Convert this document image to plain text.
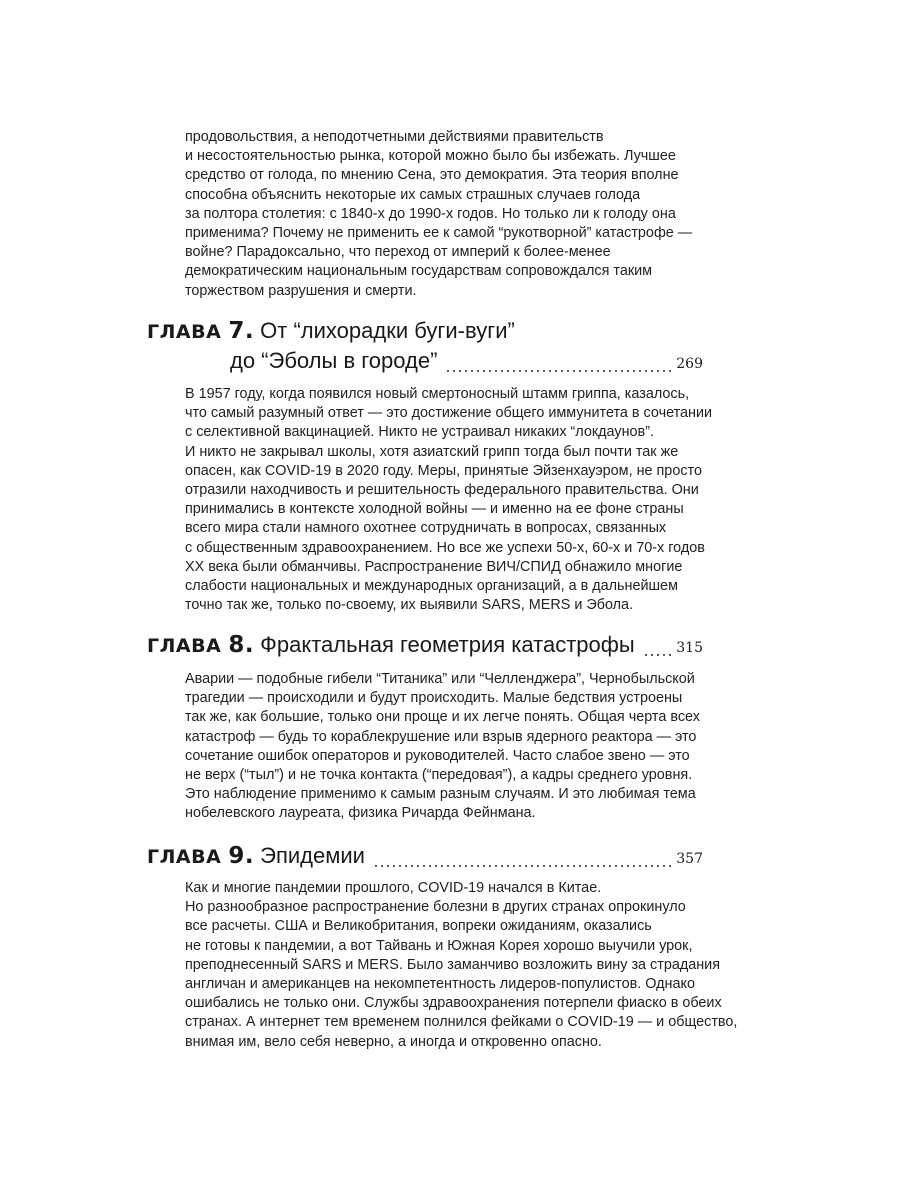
продовольствия, а неподотчетными действиями правительств
и несостоятельностью рынка, которой можно было бы избежать. Лучшее
средство от голода, по мнению Сена, это демократия. Эта теория вполне
способна объяснить некоторые их самых страшных случаев голода
за полтора столетия: с 1840-х до 1990-х годов. Но только ли к голоду она
применима? Почему не применить ее к самой “рукотворной” катастрофе —
войне? Парадоксально, что переход от империй к более-менее
демократическим национальным государствам сопровождался таким
торжеством разрушения и смерти.
ГЛАВА 7. От “лихорадки буги-вуги”
до “Эболы в городе”	269
В 1957 году, когда появился новый смертоносный штамм гриппа, казалось,
что самый разумный ответ — это достижение общего иммунитета в сочетании
с селективной вакцинацией. Никто не устраивал никаких “локдаунов”.
И никто не закрывал школы, хотя азиатский грипп тогда был почти так же
опасен, как COVID-19 в 2020 году. Меры, принятые Эйзенхауэром, не просто
отразили находчивость и решительность федерального правительства. Они
принимались в контексте холодной войны — и именно на ее фоне страны
всего мира стали намного охотнее сотрудничать в вопросах, связанных
с общественным здравоохранением. Но все же успехи 50-х, 60-х и 70-х годов
XX века были обманчивы. Распространение ВИЧ/СПИД обнажило многие
слабости национальных и международных организаций, а в дальнейшем
точно так же, только по-своему, их выявили SARS, MERS и Эбола.
ГЛАВА 8. Фрактальная геометрия катастрофы	315
Аварии — подобные гибели “Титаника” или “Челленджера”, Чернобыльской
трагедии — происходили и будут происходить. Малые бедствия устроены
так же, как большие, только они проще и их легче понять. Общая черта всех
катастроф — будь то кораблекрушение или взрыв ядерного реактора — это
сочетание ошибок операторов и руководителей. Часто слабое звено — это
не верх (“тыл”) и не точка контакта (“передовая”), а кадры среднего уровня.
Это наблюдение применимо к самым разным случаям. И это любимая тема
нобелевского лауреата, физика Ричарда Фейнмана.
ГЛАВА 9. Эпидемии	357
Как и многие пандемии прошлого, COVID-19 начался в Китае.
Но разнообразное распространение болезни в других странах опрокинуло
все расчеты. США и Великобритания, вопреки ожиданиям, оказались
не готовы к пандемии, а вот Тайвань и Южная Корея хорошо выучили урок,
преподнесенный SARS и MERS. Было заманчиво возложить вину за страдания
англичан и американцев на некомпетентность лидеров-популистов. Однако
ошибались не только они. Службы здравоохранения потерпели фиаско в обеих
странах. А интернет тем временем полнился фейками о COVID-19 — и общество,
внимая им, вело себя неверно, а иногда и откровенно опасно.
